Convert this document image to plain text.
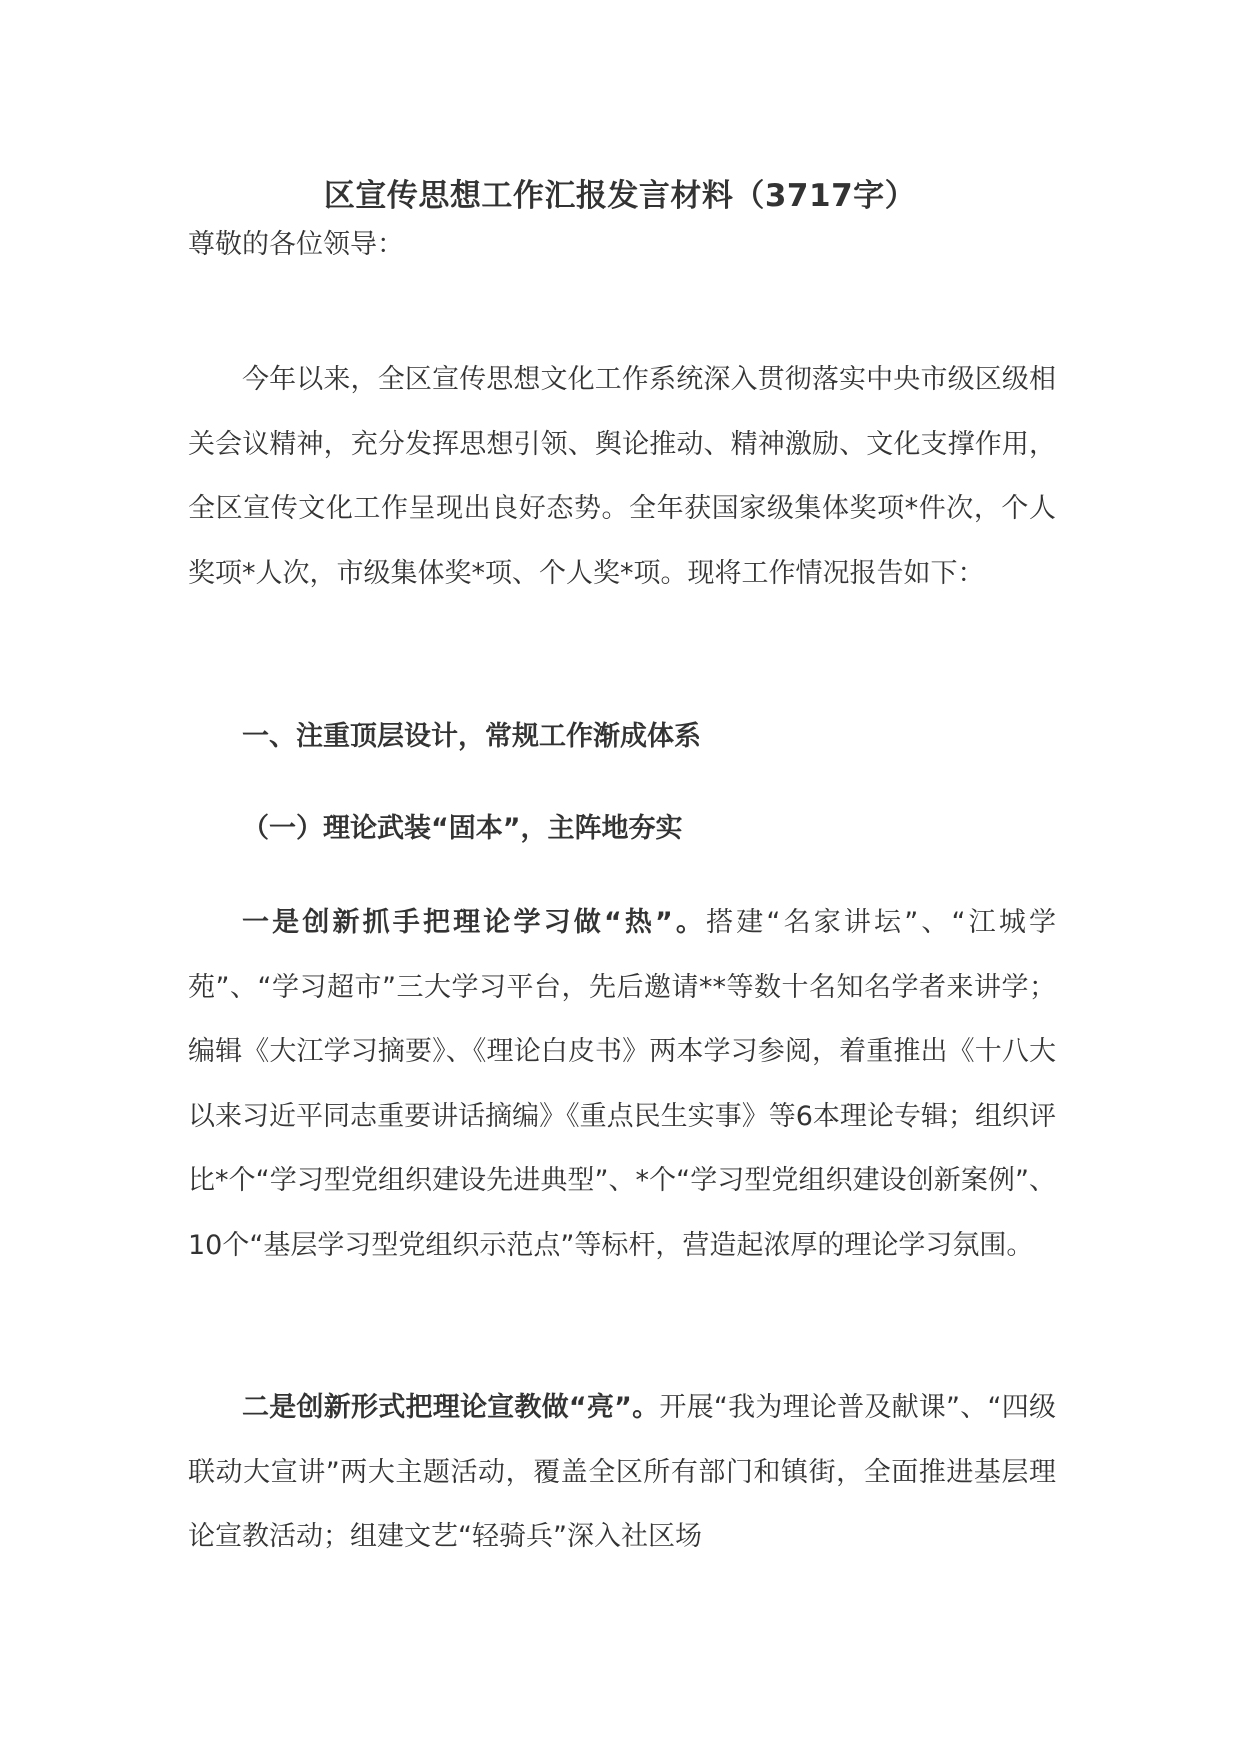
区宣传思想工作汇报发言材料（3717字）

尊敬的各位领导：

今年以来，全区宣传思想文化工作系统深入贯彻落实中央市级区级相关会议精神，充分发挥思想引领、舆论推动、精神激励、文化支撑作用，全区宣传文化工作呈现出良好态势。全年获国家级集体奖项*件次，个人奖项*人次，市级集体奖*项、个人奖*项。现将工作情况报告如下：

一、注重顶层设计，常规工作渐成体系

（一）理论武装“固本”，主阵地夯实

一是创新抓手把理论学习做“热”。搭建“名家讲坛”、“江城学苑”、“学习超市”三大学习平台，先后邀请**等数十名知名学者来讲学；编辑《大江学习摘要》、《理论白皮书》两本学习参阅，着重推出《十八大以来习近平同志重要讲话摘编》《重点民生实事》等6本理论专辑；组织评比*个“学习型党组织建设先进典型”、*个“学习型党组织建设创新案例”、10个“基层学习型党组织示范点”等标杆，营造起浓厚的理论学习氛围。

二是创新形式把理论宣教做“亮”。开展“我为理论普及献课”、“四级联动大宣讲”两大主题活动，覆盖全区所有部门和镇街，全面推进基层理论宣教活动；组建文艺“轻骑兵”深入社区场
